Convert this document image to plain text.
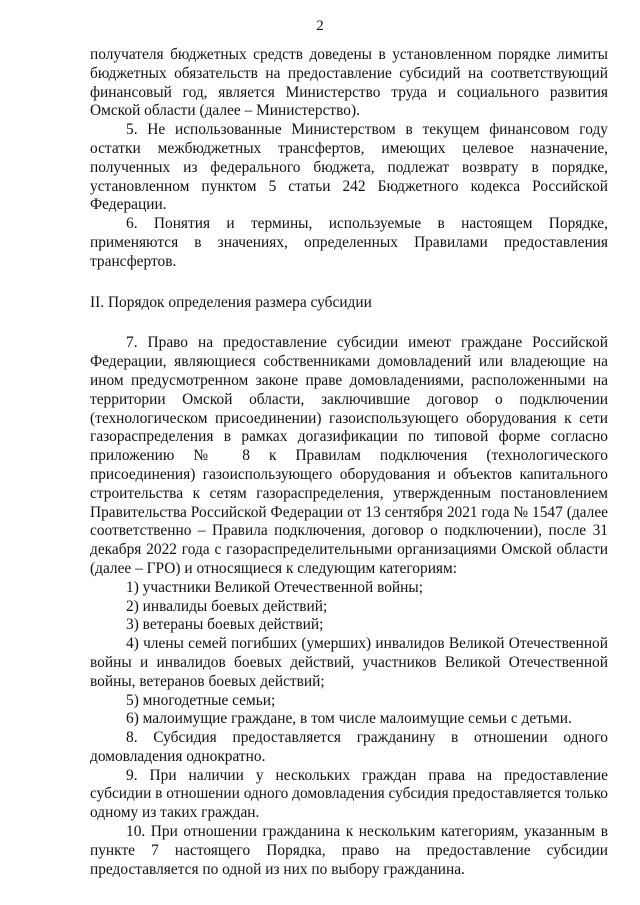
2

получателя бюджетных средств доведены в установленном порядке лимиты бюджетных обязательств на предоставление субсидий на соответствующий финансовый год, является Министерство труда и социального развития Омской области (далее – Министерство).

5. Не использованные Министерством в текущем финансовом году остатки межбюджетных трансфертов, имеющих целевое назначение, полученных из федерального бюджета, подлежат возврату в порядке, установленном пунктом 5 статьи 242 Бюджетного кодекса Российской Федерации.

6. Понятия и термины, используемые в настоящем Порядке, применяются в значениях, определенных Правилами предоставления трансфертов.

II. Порядок определения размера субсидии

7. Право на предоставление субсидии имеют граждане Российской Федерации, являющиеся собственниками домовладений или владеющие на ином предусмотренном законе праве домовладениями, расположенными на территории Омской области, заключившие договор о подключении (технологическом присоединении) газоиспользующего оборудования к сети газораспределения в рамках догазификации по типовой форме согласно приложению № 8 к Правилам подключения (технологического присоединения) газоиспользующего оборудования и объектов капитального строительства к сетям газораспределения, утвержденным постановлением Правительства Российской Федерации от 13 сентября 2021 года № 1547 (далее соответственно – Правила подключения, договор о подключении), после 31 декабря 2022 года с газораспределительными организациями Омской области (далее – ГРО) и относящиеся к следующим категориям:

1) участники Великой Отечественной войны;

2) инвалиды боевых действий;

3) ветераны боевых действий;

4) члены семей погибших (умерших) инвалидов Великой Отечественной войны и инвалидов боевых действий, участников Великой Отечественной войны, ветеранов боевых действий;

5) многодетные семьи;

6) малоимущие граждане, в том числе малоимущие семьи с детьми.

8. Субсидия предоставляется гражданину в отношении одного домовладения однократно.

9. При наличии у нескольких граждан права на предоставление субсидии в отношении одного домовладения субсидия предоставляется только одному из таких граждан.

10. При отношении гражданина к нескольким категориям, указанным в пункте 7 настоящего Порядка, право на предоставление субсидии предоставляется по одной из них по выбору гражданина.
